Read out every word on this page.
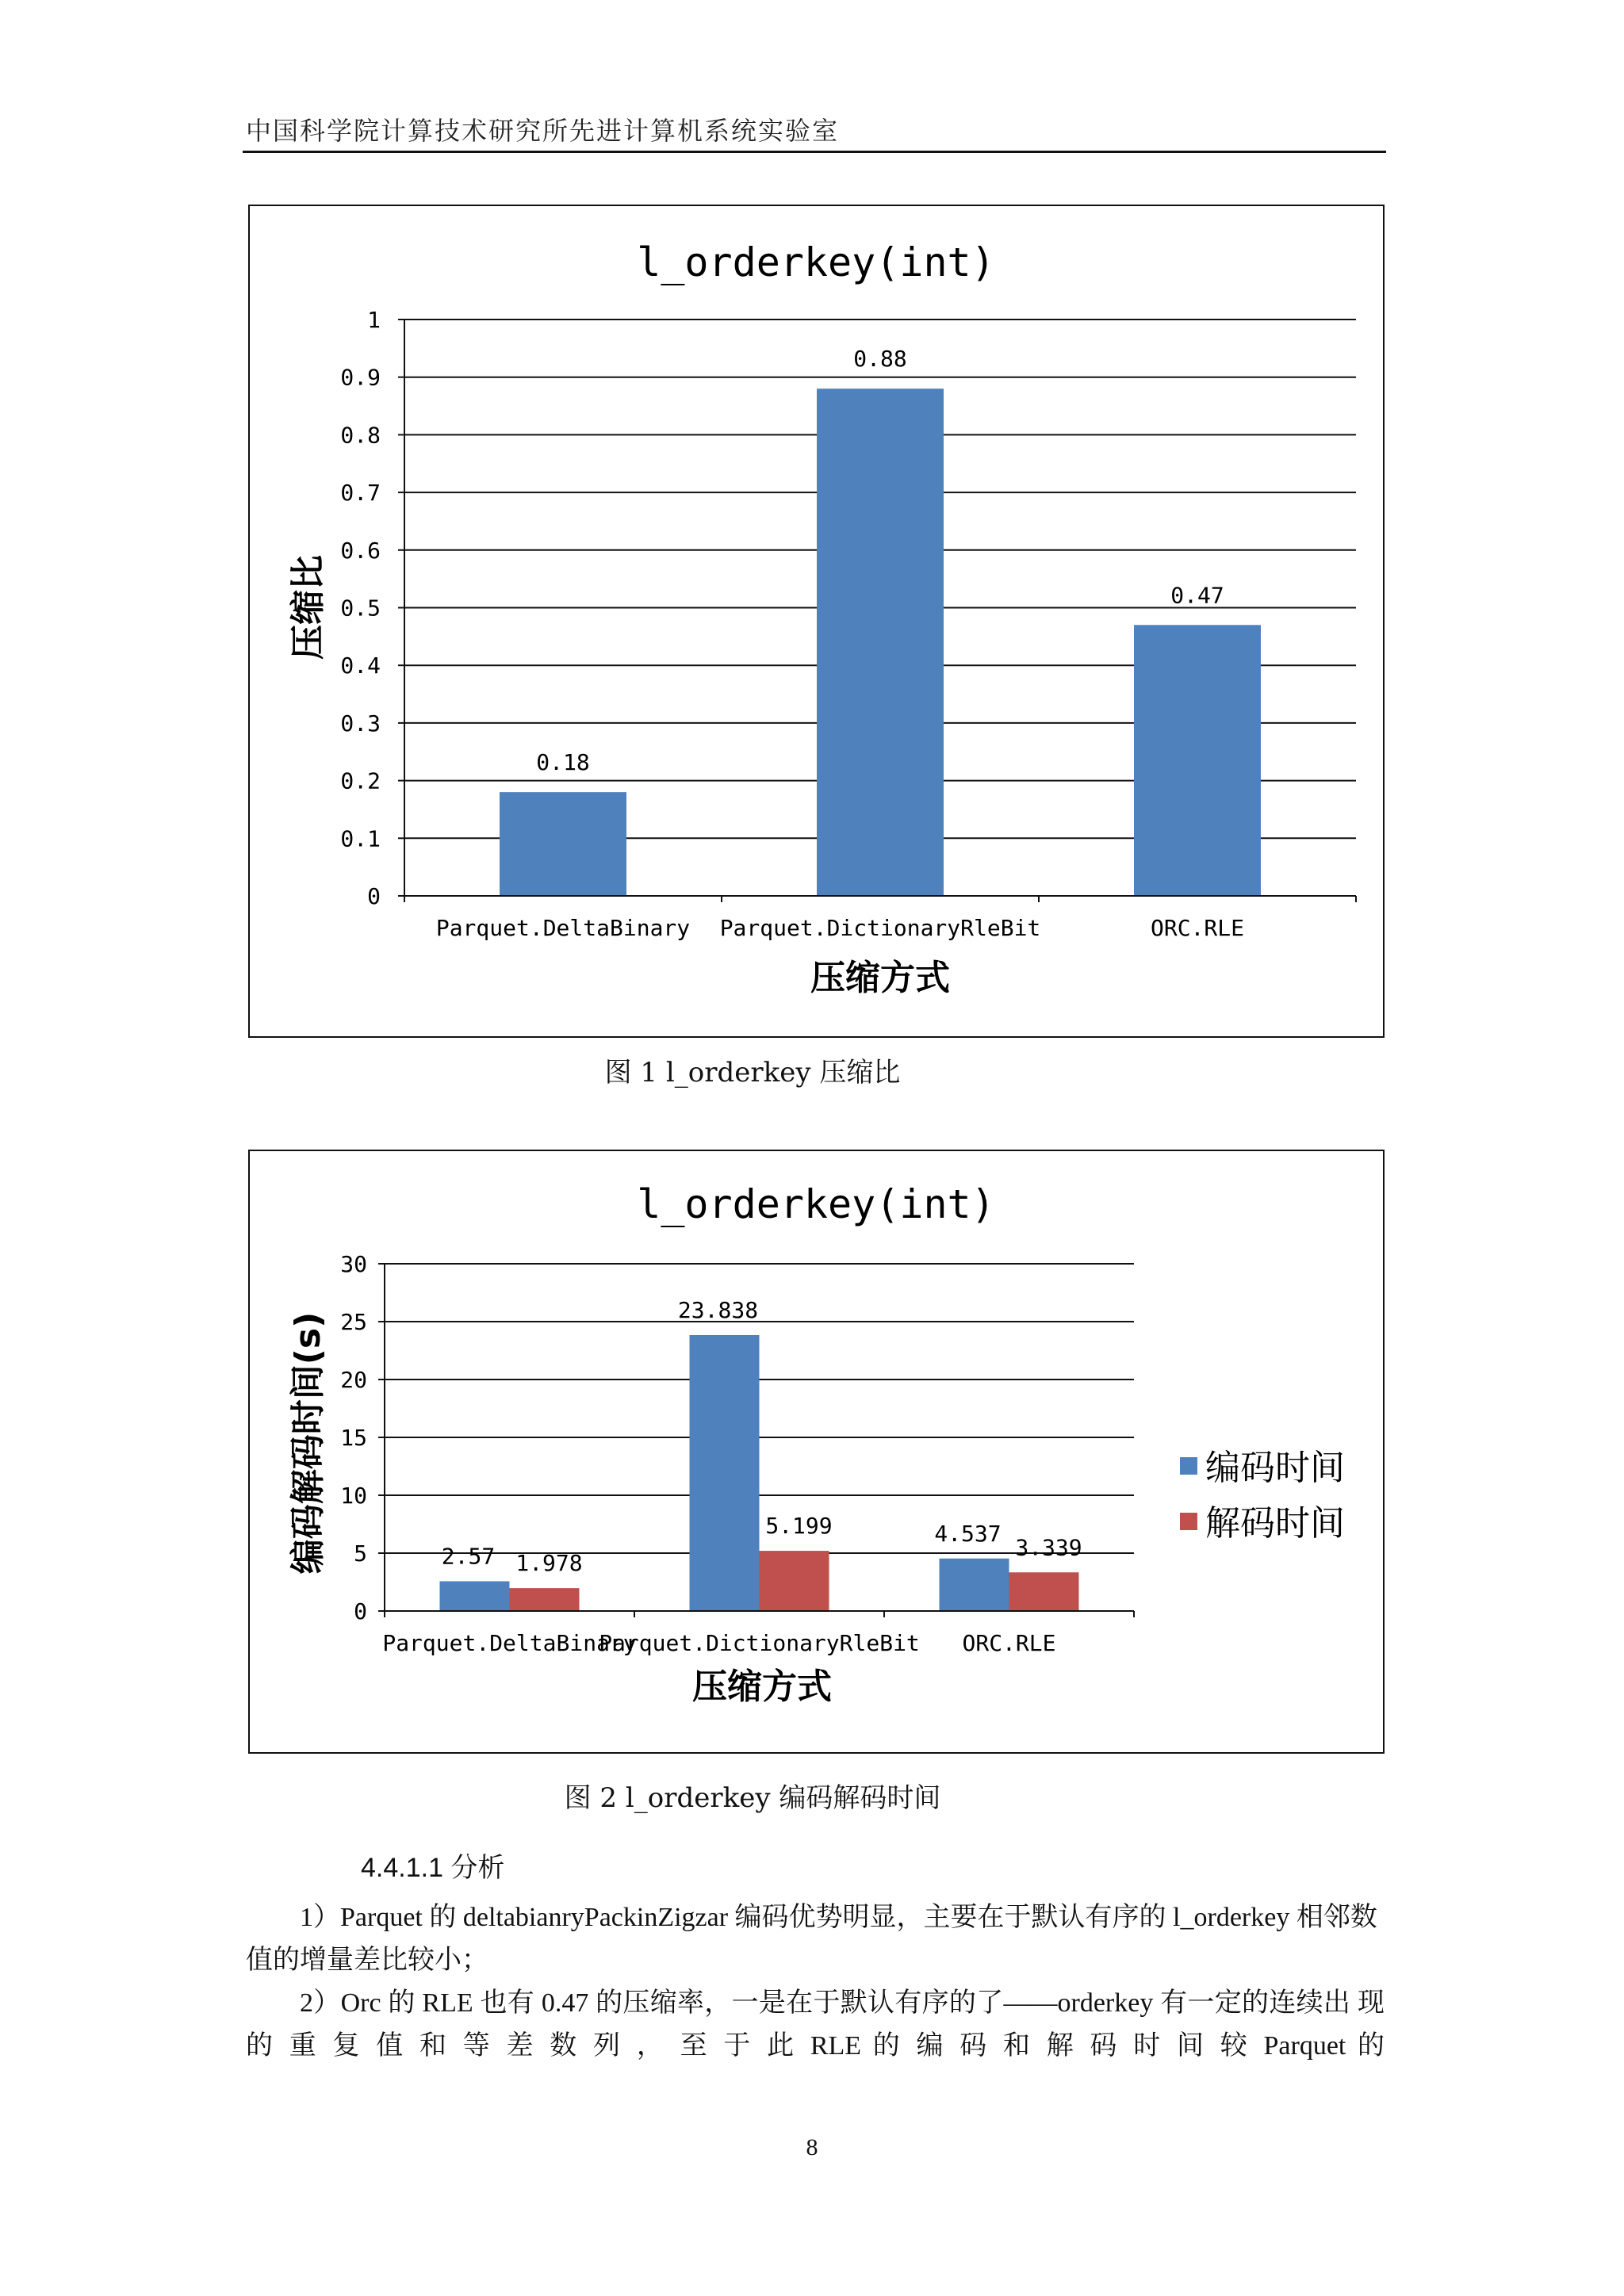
中国科学院计算技术研究所先进计算机系统实验室
l_orderkey(int)
0
0.1
0.2
0.3
0.4
0.5
0.6
0.7
0.8
0.9
1
0.18
Parquet.DeltaBinary
0.88
Parquet.DictionaryRleBit
0.47
ORC.RLE
压缩方式
压缩比
图 1 l_orderkey 压缩比
l_orderkey(int)
0
5
10
15
20
25
30
2.57 1.978
Parquet.DeltaBinary
23.838
5.199
Parquet.DictionaryRleBit
4.537
3.339
ORC.RLE
压缩方式
编码解码时间(s)	编码时间
解码时间
图 2 l_orderkey 编码解码时间
4.4.1.1 分析
1）Parquet 的 deltabianryPackinZigzar 编码优势明显，主要在于默认有序的 l_orderkey 相邻数值的增量差比较小；
2）Orc 的 RLE 也有 0.47 的压缩率，一是在于默认有序的了——orderkey 有一定的连续出 现 的 重 复 值 和 等 差 数 列 ， 至 于 此 RLE 的 编 码 和 解 码 时 间 较 Parquet 的
8
